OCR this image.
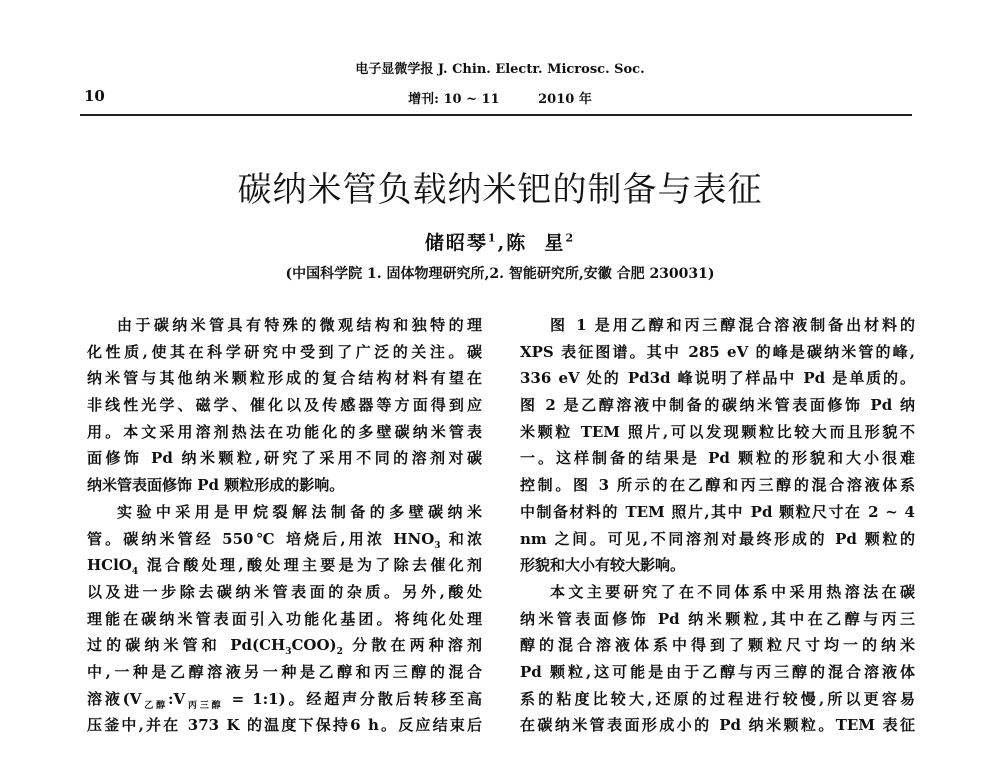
电子显微学报 J. Chin. Electr. Microsc. Soc.
增刊: 10 ~ 11	2010 年
10
碳纳米管负载纳米钯的制备与表征
储昭琴$^1$,陈  星$^2$
(中国科学院 1. 固体物理研究所,2. 智能研究所,安徽 合肥 230031)
由于碳纳米管具有特殊的微观结构和独特的理
化性质,使其在科学研究中受到了广泛的关注。碳
纳米管与其他纳米颗粒形成的复合结构材料有望在
非线性光学、磁学、催化以及传感器等方面得到应
用。本文采用溶剂热法在功能化的多壁碳纳米管表
面修饰 Pd 纳米颗粒,研究了采用不同的溶剂对碳
纳米管表面修饰 Pd 颗粒形成的影响。
实验中采用是甲烷裂解法制备的多壁碳纳米
管。碳纳米管经 550℃ 培烧后,用浓 $HNO_3$ 和浓
HClO$_4$ 混合酸处理,酸处理主要是为了除去催化剂
以及进一步除去碳纳米管表面的杂质。另外,酸处
理能在碳纳米管表面引入功能化基团。将纯化处理
过的碳纳米管和 $Pd(CH_3COO)_2$ 分散在两种溶剂
中,一种是乙醇溶液另一种是乙醇和丙三醇的混合
溶液($V_{乙醇}:V_{丙三醇}$ = 1:1)。经超声分散后转移至高
压釜中,并在 373 K 的温度下保持6 h。反应结束后
图 1 是用乙醇和丙三醇混合溶液制备出材料的
XPS 表征图谱。其中 285 eV 的峰是碳纳米管的峰,
336 eV 处的 Pd3d 峰说明了样品中 Pd 是单质的。
图 2 是乙醇溶液中制备的碳纳米管表面修饰 Pd 纳
米颗粒 TEM 照片,可以发现颗粒比较大而且形貌不
一。这样制备的结果是 Pd 颗粒的形貌和大小很难
控制。图 3 所示的在乙醇和丙三醇的混合溶液体系
中制备材料的 TEM 照片,其中 Pd 颗粒尺寸在 2 ~ 4
nm 之间。可见,不同溶剂对最终形成的 Pd 颗粒的
形貌和大小有较大影响。
本文主要研究了在不同体系中采用热溶法在碳
纳米管表面修饰 Pd 纳米颗粒,其中在乙醇与丙三
醇的混合溶液体系中得到了颗粒尺寸均一的纳米
Pd 颗粒,这可能是由于乙醇与丙三醇的混合溶液体
系的粘度比较大,还原的过程进行较慢,所以更容易
在碳纳米管表面形成小的 Pd 纳米颗粒。TEM 表征
